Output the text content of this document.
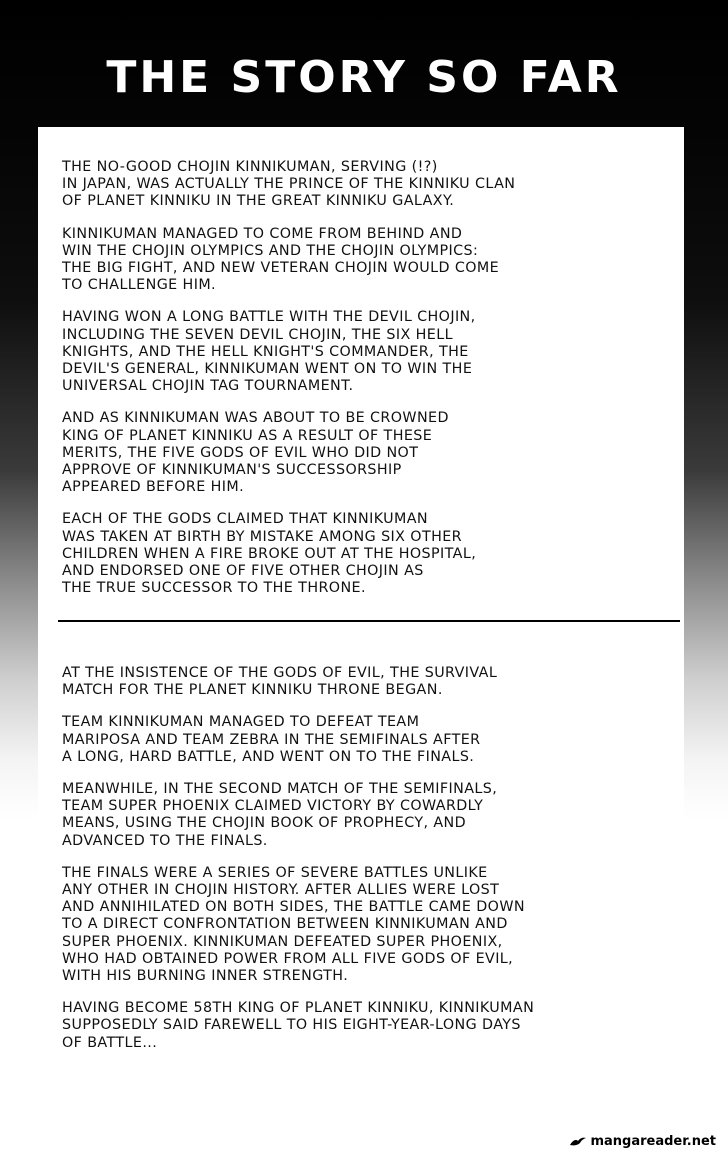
THE STORY SO FAR

THE NO-GOOD CHOJIN KINNIKUMAN, SERVING (!?)
IN JAPAN, WAS ACTUALLY THE PRINCE OF THE KINNIKU CLAN
OF PLANET KINNIKU IN THE GREAT KINNIKU GALAXY.

KINNIKUMAN MANAGED TO COME FROM BEHIND AND
WIN THE CHOJIN OLYMPICS AND THE CHOJIN OLYMPICS:
THE BIG FIGHT, AND NEW VETERAN CHOJIN WOULD COME
TO CHALLENGE HIM.

HAVING WON A LONG BATTLE WITH THE DEVIL CHOJIN,
INCLUDING THE SEVEN DEVIL CHOJIN, THE SIX HELL
KNIGHTS, AND THE HELL KNIGHT'S COMMANDER, THE
DEVIL'S GENERAL, KINNIKUMAN WENT ON TO WIN THE
UNIVERSAL CHOJIN TAG TOURNAMENT.

AND AS KINNIKUMAN WAS ABOUT TO BE CROWNED
KING OF PLANET KINNIKU AS A RESULT OF THESE
MERITS, THE FIVE GODS OF EVIL WHO DID NOT
APPROVE OF KINNIKUMAN'S SUCCESSORSHIP
APPEARED BEFORE HIM.

EACH OF THE GODS CLAIMED THAT KINNIKUMAN
WAS TAKEN AT BIRTH BY MISTAKE AMONG SIX OTHER
CHILDREN WHEN A FIRE BROKE OUT AT THE HOSPITAL,
AND ENDORSED ONE OF FIVE OTHER CHOJIN AS
THE TRUE SUCCESSOR TO THE THRONE.

AT THE INSISTENCE OF THE GODS OF EVIL, THE SURVIVAL
MATCH FOR THE PLANET KINNIKU THRONE BEGAN.

TEAM KINNIKUMAN MANAGED TO DEFEAT TEAM
MARIPOSA AND TEAM ZEBRA IN THE SEMIFINALS AFTER
A LONG, HARD BATTLE, AND WENT ON TO THE FINALS.

MEANWHILE, IN THE SECOND MATCH OF THE SEMIFINALS,
TEAM SUPER PHOENIX CLAIMED VICTORY BY COWARDLY
MEANS, USING THE CHOJIN BOOK OF PROPHECY, AND
ADVANCED TO THE FINALS.

THE FINALS WERE A SERIES OF SEVERE BATTLES UNLIKE
ANY OTHER IN CHOJIN HISTORY. AFTER ALLIES WERE LOST
AND ANNIHILATED ON BOTH SIDES, THE BATTLE CAME DOWN
TO A DIRECT CONFRONTATION BETWEEN KINNIKUMAN AND
SUPER PHOENIX. KINNIKUMAN DEFEATED SUPER PHOENIX,
WHO HAD OBTAINED POWER FROM ALL FIVE GODS OF EVIL,
WITH HIS BURNING INNER STRENGTH.

HAVING BECOME 58TH KING OF PLANET KINNIKU, KINNIKUMAN
SUPPOSEDLY SAID FAREWELL TO HIS EIGHT-YEAR-LONG DAYS
OF BATTLE...

mangareader.net
